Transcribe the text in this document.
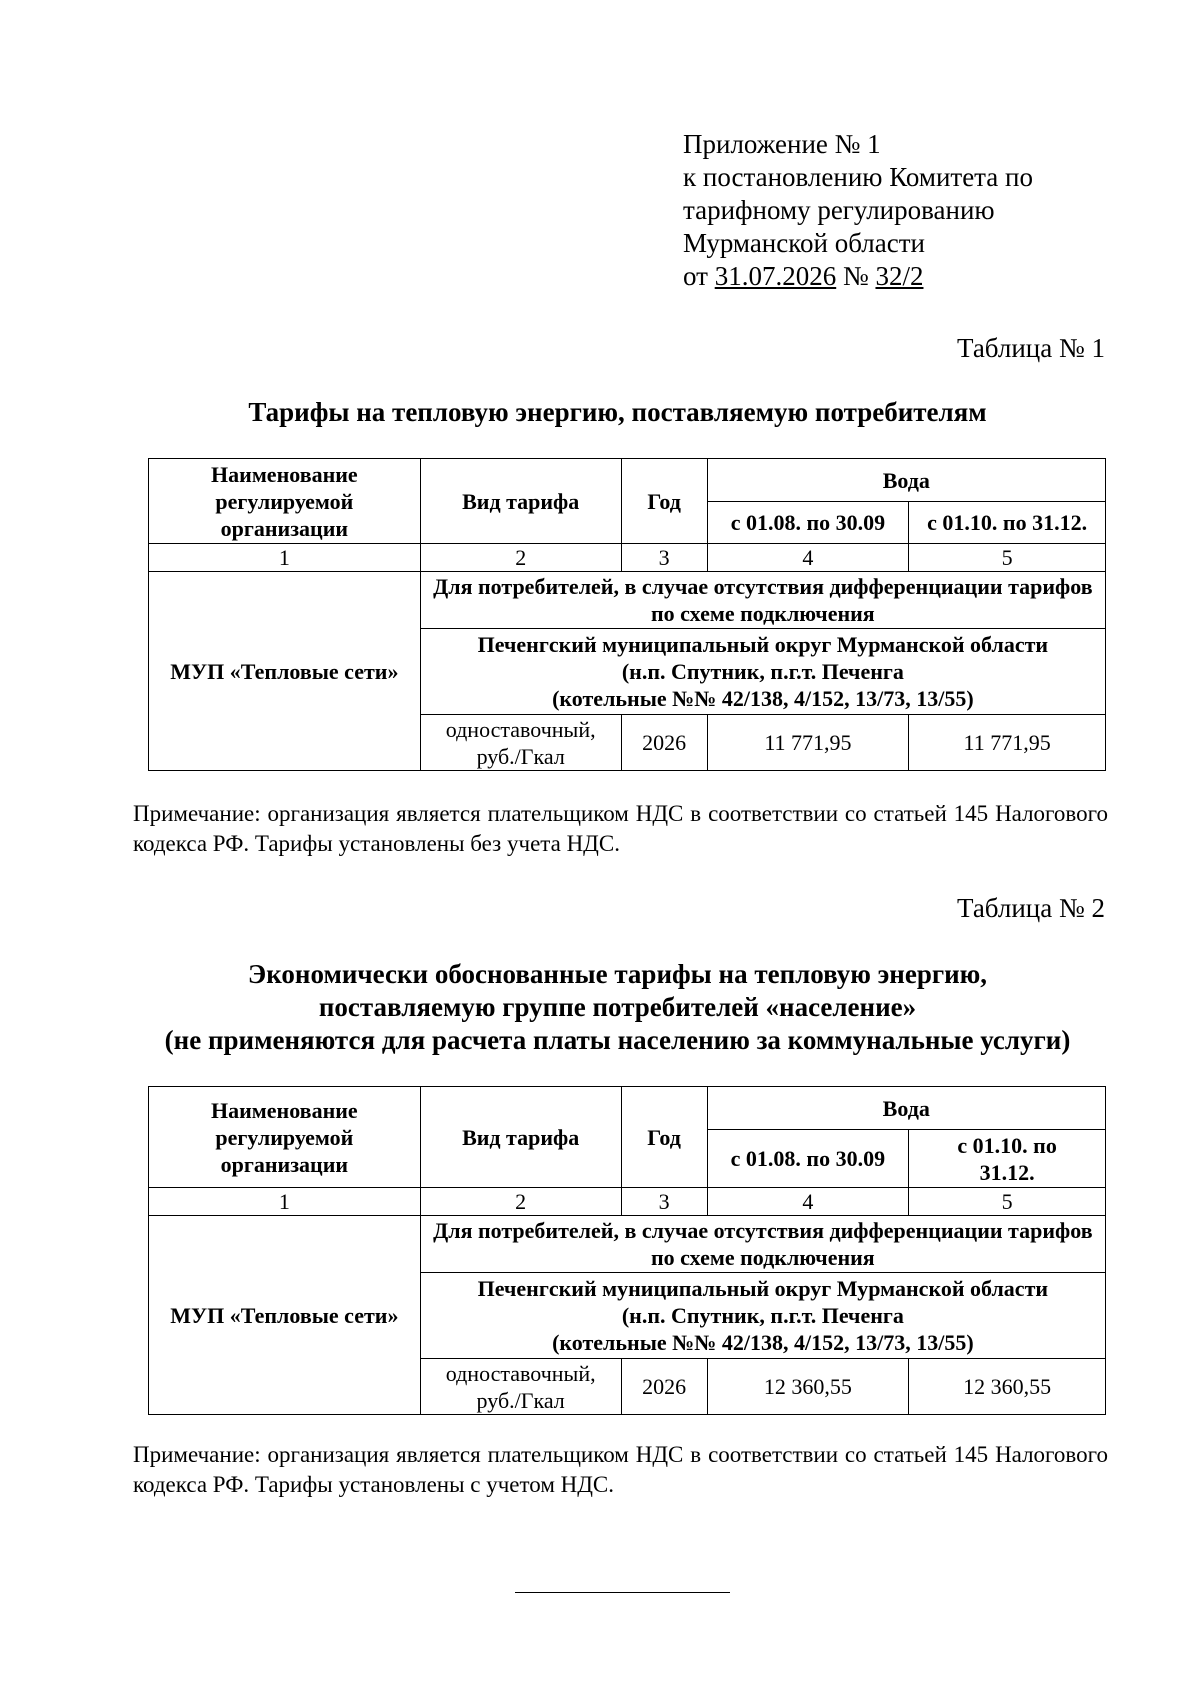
Приложение № 1
к постановлению Комитета по
тарифному регулированию
Мурманской области
от 31.07.2026 № 32/2
Таблица № 1
Тарифы на тепловую энергию, поставляемую потребителям
Наименование регулируемой организации	Вид тарифа	Год	Вода	
			с 01.08. по 30.09	с 01.10. по 31.12.
1	2	3	4	5
МУП «Тепловые сети»	Для потребителей, в случае отсутствия дифференциации тарифов по схеме подключения			

	Печенгский муниципальный округ Мурманской области
(н.п. Спутник, п.г.т. Печенга
(котельные №№ 42/138, 4/152, 13/73, 13/55)			

	одноставочный, руб./Гкал	2026	11 771,95	11 771,95
Примечание: организация является плательщиком НДС в соответствии со статьей 145 Налогового кодекса РФ. Тарифы установлены без учета НДС.
Таблица № 2
Экономически обоснованные тарифы на тепловую энергию,
поставляемую группе потребителей «население»
(не применяются для расчета платы населению за коммунальные услуги)
Наименование регулируемой организации	Вид тарифа	Год	Вода	
			с 01.08. по 30.09	с 01.10. по 31.12.
1	2	3	4	5
МУП «Тепловые сети»	Для потребителей, в случае отсутствия дифференциации тарифов по схеме подключения			

	Печенгский муниципальный округ Мурманской области
(н.п. Спутник, п.г.т. Печенга
(котельные №№ 42/138, 4/152, 13/73, 13/55)			

	одноставочный, руб./Гкал	2026	12 360,55	12 360,55
Примечание: организация является плательщиком НДС в соответствии со статьей 145 Налогового кодекса РФ. Тарифы установлены с учетом НДС.
